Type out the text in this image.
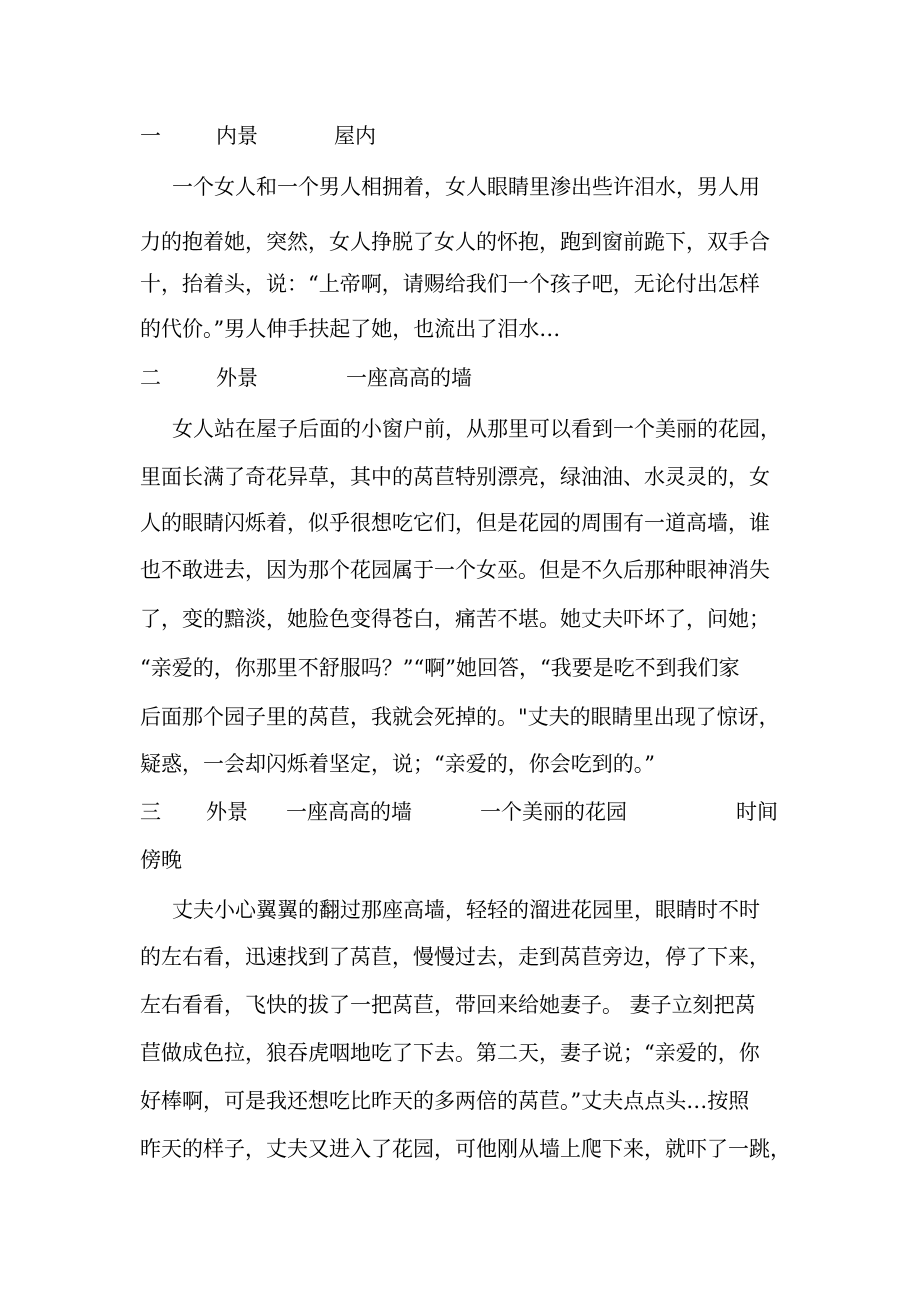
一	内景	屋内
一个女人和一个男人相拥着，女人眼睛里渗出些许泪水，男人用
力的抱着她，突然，女人挣脱了女人的怀抱，跑到窗前跪下，双手合
十，抬着头，说：“上帝啊，请赐给我们一个孩子吧，无论付出怎样
的代价。”男人伸手扶起了她，也流出了泪水…
二	外景	一座高高的墙
女人站在屋子后面的小窗户前，从那里可以看到一个美丽的花园，
里面长满了奇花异草，其中的莴苣特别漂亮，绿油油、水灵灵的，女
人的眼睛闪烁着，似乎很想吃它们，但是花园的周围有一道高墙，谁
也不敢进去，因为那个花园属于一个女巫。但是不久后那种眼神消失
了，变的黯淡，她脸色变得苍白，痛苦不堪。她丈夫吓坏了，问她；
“亲爱的，你那里不舒服吗？”“啊”她回答，“我要是吃不到我们家
后面那个园子里的莴苣，我就会死掉的。"丈夫的眼睛里出现了惊讶，
疑惑，一会却闪烁着坚定，说；“亲爱的，你会吃到的。”
三 外景 一座高高的墙	一个美丽的花园	时间
傍晚
丈夫小心翼翼的翻过那座高墙，轻轻的溜进花园里，眼睛时不时
的左右看，迅速找到了莴苣，慢慢过去，走到莴苣旁边，停了下来，
左右看看，飞快的拔了一把莴苣，带回来给她妻子。 妻子立刻把莴
苣做成色拉，狼吞虎咽地吃了下去。第二天，妻子说；“亲爱的，你
好棒啊，可是我还想吃比昨天的多两倍的莴苣。”丈夫点点头…按照
昨天的样子，丈夫又进入了花园，可他刚从墙上爬下来，就吓了一跳，
